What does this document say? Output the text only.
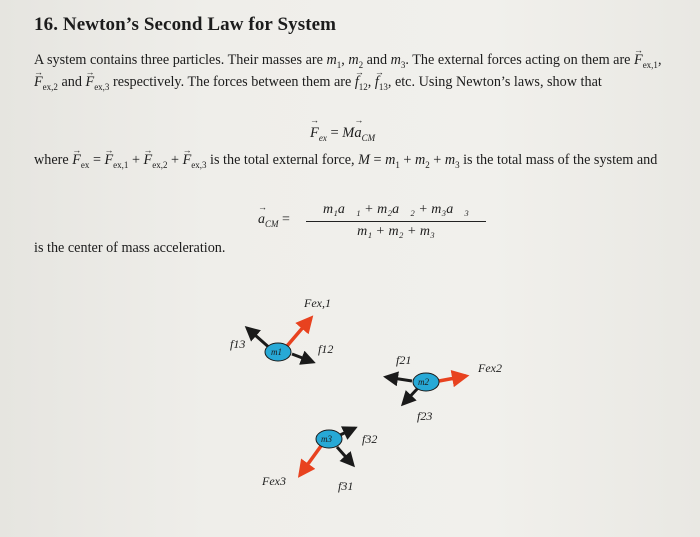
16. Newton’s Second Law for System
A system contains three particles. Their masses are $m_1$, $m_2$ and $m_3$. The external forces acting on them are → $F_{ex,1}$, → $F_{ex,2}$ and → $F_{ex,3}$ respectively. The forces between them are → $f_{12}$, → $f_{13}$, etc. Using Newton’s laws, show that
→ $F_{ex} = M\to a_{CM}$
where → $F_{ex}$ = → $F_{ex,1}$ + → $F_{ex,2}$ + → $F_{ex,3}$ is the total external force, $M = m_1 + m_2 + m_3$ is the total mass of the system and
→ $a_{CM}$ =
m₁a⃗₁ + m₂a⃗₂ + m₃a⃗₃
m₁ + m₂ + m₃
is the center of mass acceleration.
m1
f13
Fex,1
f12
m2
f21
Fex2
f23
m3	f32
Fex3	f31
